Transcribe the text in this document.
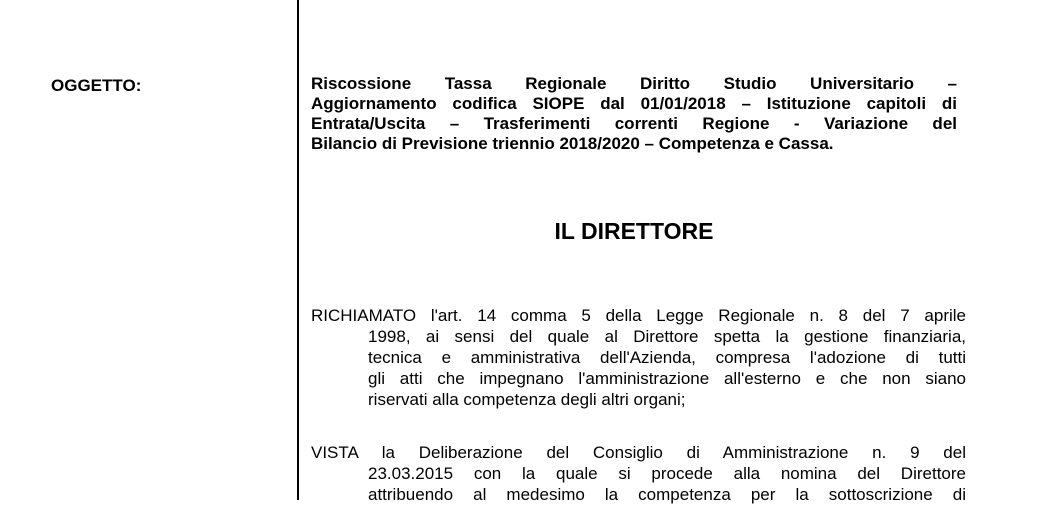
OGGETTO:	Riscossione Tassa Regionale Diritto Studio Universitario –
Aggiornamento codifica SIOPE dal 01/01/2018 – Istituzione capitoli di
Entrata/Uscita – Trasferimenti correnti Regione - Variazione del
Bilancio di Previsione triennio 2018/2020 – Competenza e Cassa.
IL DIRETTORE
RICHIAMATO l'art. 14 comma 5 della Legge Regionale n. 8 del 7 aprile
1998, ai sensi del quale al Direttore spetta la gestione finanziaria,
tecnica e amministrativa dell'Azienda, compresa l'adozione di tutti
gli atti che impegnano l'amministrazione all'esterno e che non siano
riservati alla competenza degli altri organi;
VISTA la Deliberazione del Consiglio di Amministrazione n. 9 del
23.03.2015 con la quale si procede alla nomina del Direttore
attribuendo al medesimo la competenza per la sottoscrizione di
